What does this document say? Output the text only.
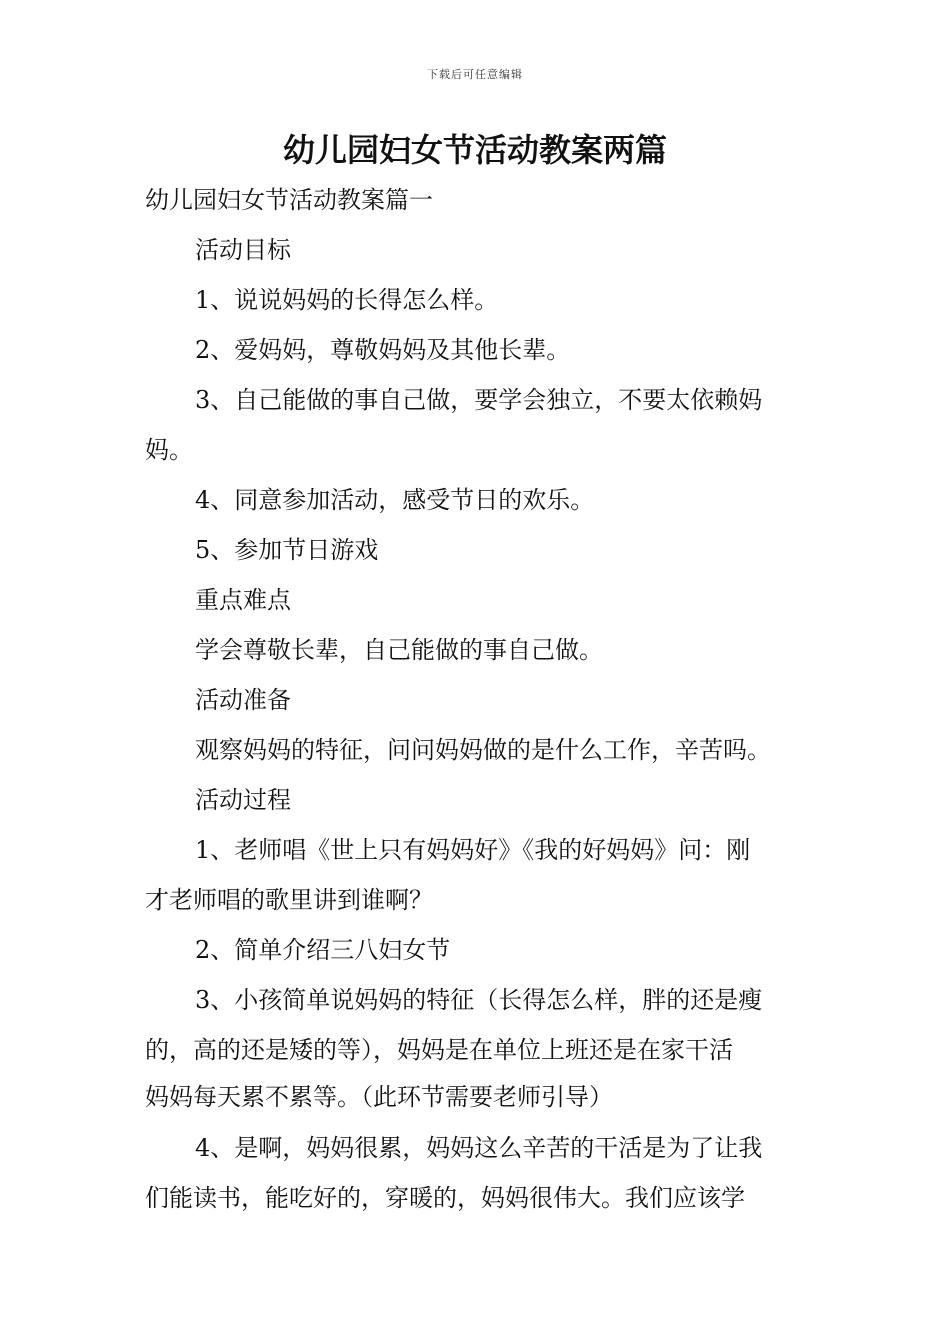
下载后可任意编辑
幼儿园妇女节活动教案两篇

幼儿园妇女节活动教案篇一

活动目标

1、说说妈妈的长得怎么样。

2、爱妈妈，尊敬妈妈及其他长辈。

3、自己能做的事自己做，要学会独立，不要太依赖妈

妈。

4、同意参加活动，感受节日的欢乐。

5、参加节日游戏

重点难点

学会尊敬长辈，自己能做的事自己做。

活动准备

观察妈妈的特征，问问妈妈做的是什么工作，辛苦吗。

活动过程

1、老师唱《世上只有妈妈好》《我的好妈妈》问：刚

才老师唱的歌里讲到谁啊？

2、简单介绍三八妇女节

3、小孩简单说妈妈的特征（长得怎么样，胖的还是瘦

的，高的还是矮的等），妈妈是在单位上班还是在家干活

妈妈每天累不累等。（此环节需要老师引导）

4、是啊，妈妈很累，妈妈这么辛苦的干活是为了让我

们能读书，能吃好的，穿暖的，妈妈很伟大。我们应该学
